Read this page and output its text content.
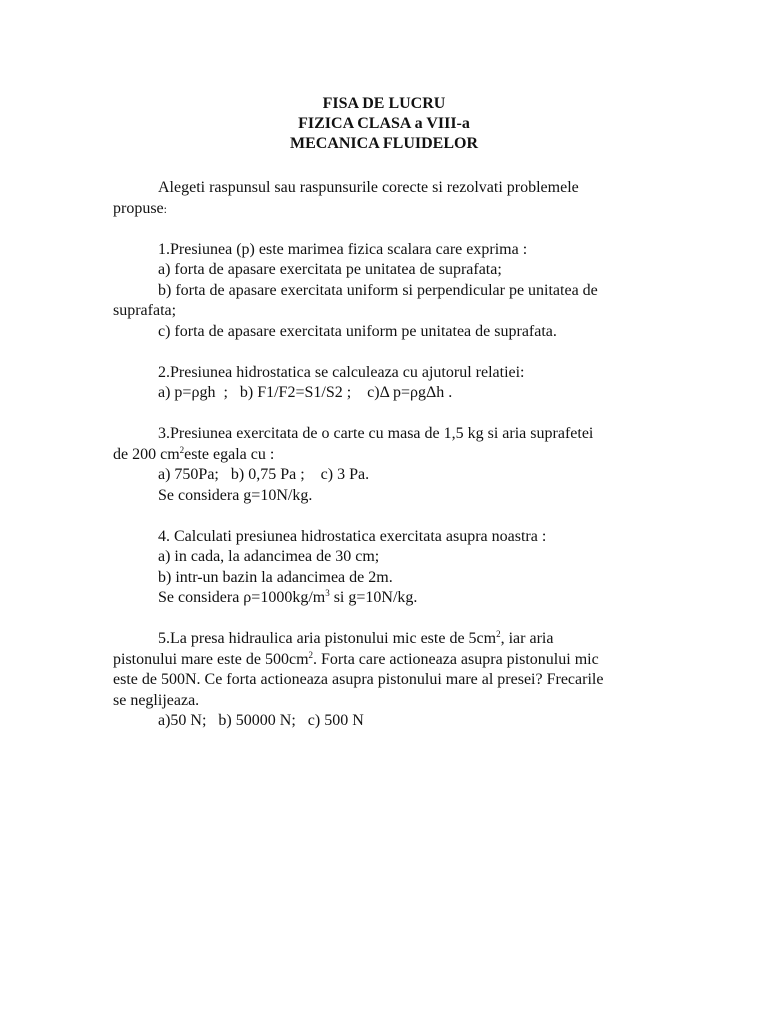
FISA DE LUCRU
FIZICA CLASA a VIII-a
MECANICA FLUIDELOR

Alegeti raspunsul sau raspunsurile corecte si rezolvati problemele

propuse:

1.Presiunea (p) este marimea fizica scalara care exprima :

a) forta de apasare exercitata pe unitatea de suprafata;

b) forta de apasare exercitata uniform si perpendicular pe unitatea de

suprafata;

c) forta de apasare exercitata uniform pe unitatea de suprafata.

2.Presiunea hidrostatica se calculeaza cu ajutorul relatiei:

a) p=ρgh  ;   b) F1/F2=S1/S2 ;    c)Δ p=ρgΔh .

3.Presiunea exercitata de o carte cu masa de 1,5 kg si aria suprafetei

de 200 $cm^2este$ egala cu :

a) 750Pa;   b) 0,75 Pa ;    c) 3 Pa.

Se considera g=10N/kg.

4. Calculati presiunea hidrostatica exercitata asupra noastra :

a) in cada, la adancimea de 30 cm;

b) intr-un bazin la adancimea de 2m.

Se considera $\rho=1000kg/m^3$ si g=10N/kg.

5.La presa hidraulica aria pistonului mic este de $5cm^2$, iar aria

pistonului mare este de $500cm^2$. Forta care actioneaza asupra pistonului mic

este de 500N. Ce forta actioneaza asupra pistonului mare al presei? Frecarile

se neglijeaza.

a)50 N;   b) 50000 N;   c) 500 N
